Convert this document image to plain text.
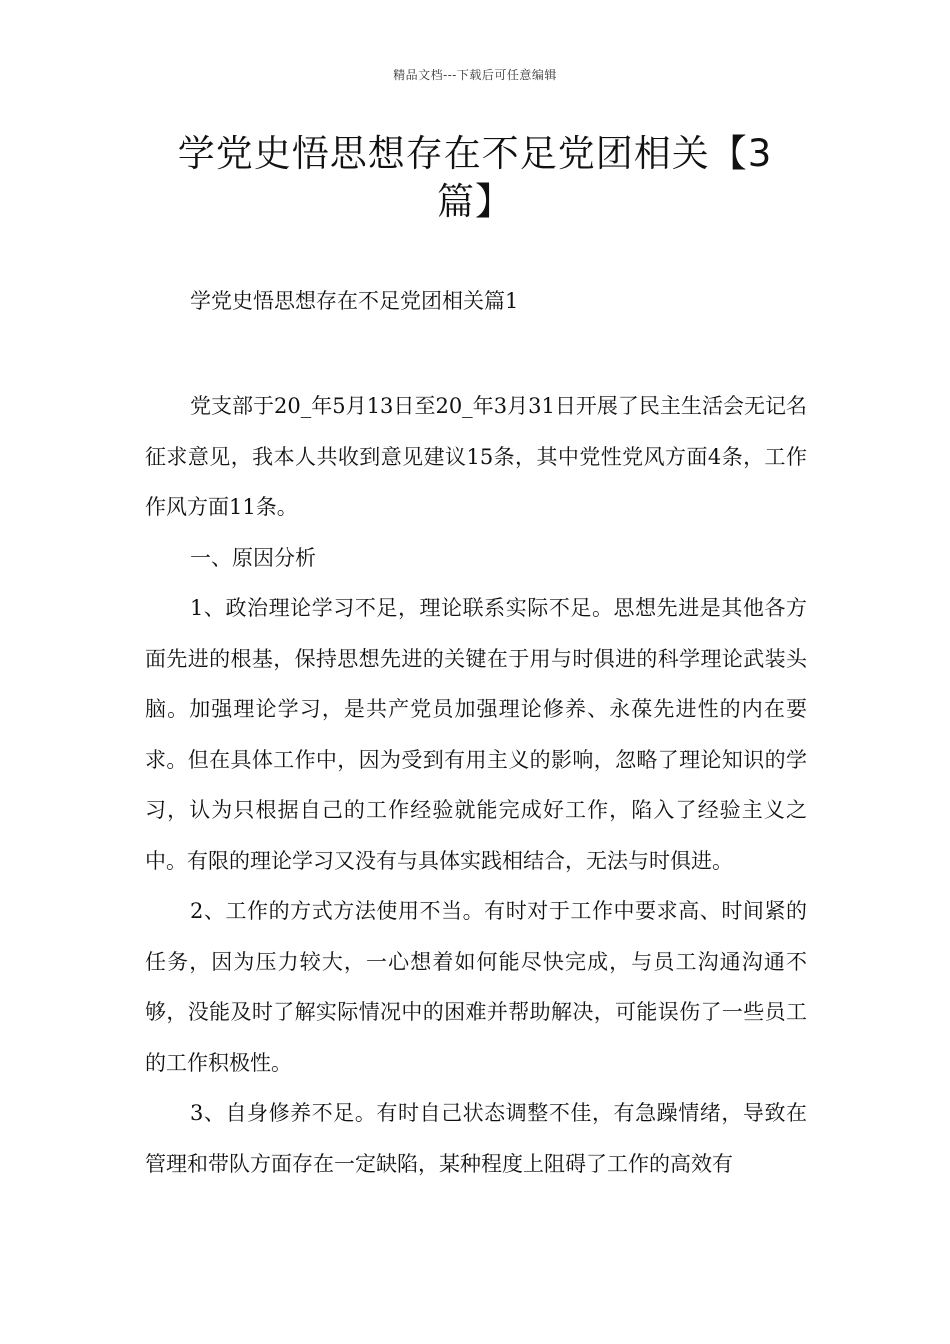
精品文档---下载后可任意编辑
学党史悟思想存在不足党团相关【3篇】
学党史悟思想存在不足党团相关篇1

党支部于20_年5月13日至20_年3月31日开展了民主生活会无记名征求意见，我本人共收到意见建议15条，其中党性党风方面4条，工作作风方面11条。

一、原因分析

1、政治理论学习不足，理论联系实际不足。思想先进是其他各方面先进的根基，保持思想先进的关键在于用与时俱进的科学理论武装头脑。加强理论学习，是共产党员加强理论修养、永葆先进性的内在要求。但在具体工作中，因为受到有用主义的影响，忽略了理论知识的学习，认为只根据自己的工作经验就能完成好工作，陷入了经验主义之中。有限的理论学习又没有与具体实践相结合，无法与时俱进。

2、工作的方式方法使用不当。有时对于工作中要求高、时间紧的任务，因为压力较大，一心想着如何能尽快完成，与员工沟通沟通不够，没能及时了解实际情况中的困难并帮助解决，可能误伤了一些员工的工作积极性。

3、自身修养不足。有时自己状态调整不佳，有急躁情绪，导致在管理和带队方面存在一定缺陷，某种程度上阻碍了工作的高效有
